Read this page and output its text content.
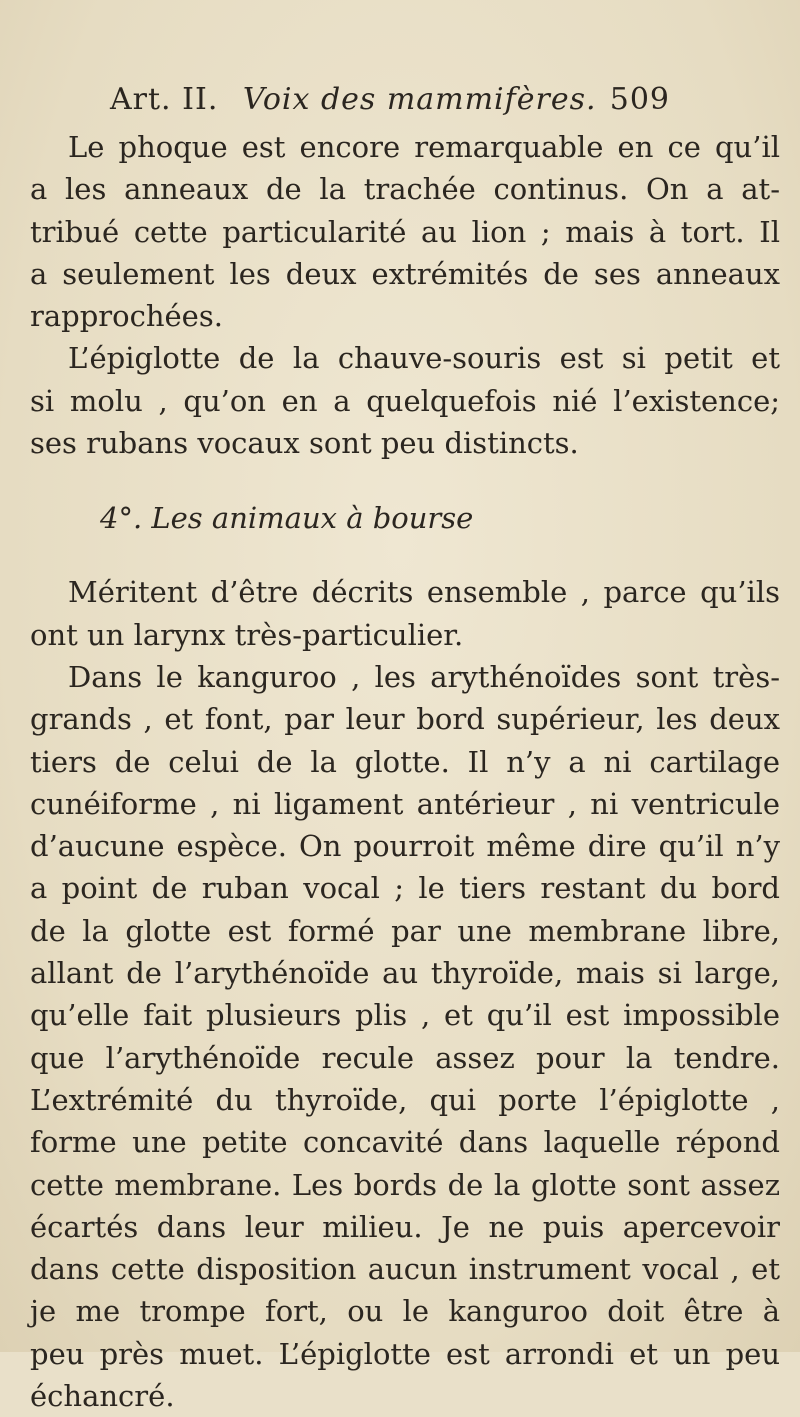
Art. II. Voix des mammifères. 509
Le phoque est encore remarquable en ce qu’il
a les anneaux de la trachée continus. On a at-
tribué cette particularité au lion ; mais à tort. Il
a seulement les deux extrémités de ses anneaux
rapprochées.
L’épiglotte de la chauve-souris est si petit et
si molu , qu’on en a quelquefois nié l’existence;
ses rubans vocaux sont peu distincts.
4°. Les animaux à bourse
Méritent d’être décrits ensemble , parce qu’ils
ont un larynx très-particulier.
Dans le kanguroo , les arythénoïdes sont très-
grands , et font, par leur bord supérieur, les deux
tiers de celui de la glotte. Il n’y a ni cartilage
cunéiforme , ni ligament antérieur , ni ventricule
d’aucune espèce. On pourroit même dire qu’il n’y
a point de ruban vocal ; le tiers restant du bord
de la glotte est formé par une membrane libre,
allant de l’arythénoïde au thyroïde, mais si large,
qu’elle fait plusieurs plis , et qu’il est impossible
que l’arythénoïde recule assez pour la tendre.
L’extrémité du thyroïde, qui porte l’épiglotte ,
forme une petite concavité dans laquelle répond
cette membrane. Les bords de la glotte sont assez
écartés dans leur milieu. Je ne puis apercevoir
dans cette disposition aucun instrument vocal , et
je me trompe fort, ou le kanguroo doit être à
peu près muet. L’épiglotte est arrondi et un peu
échancré.
